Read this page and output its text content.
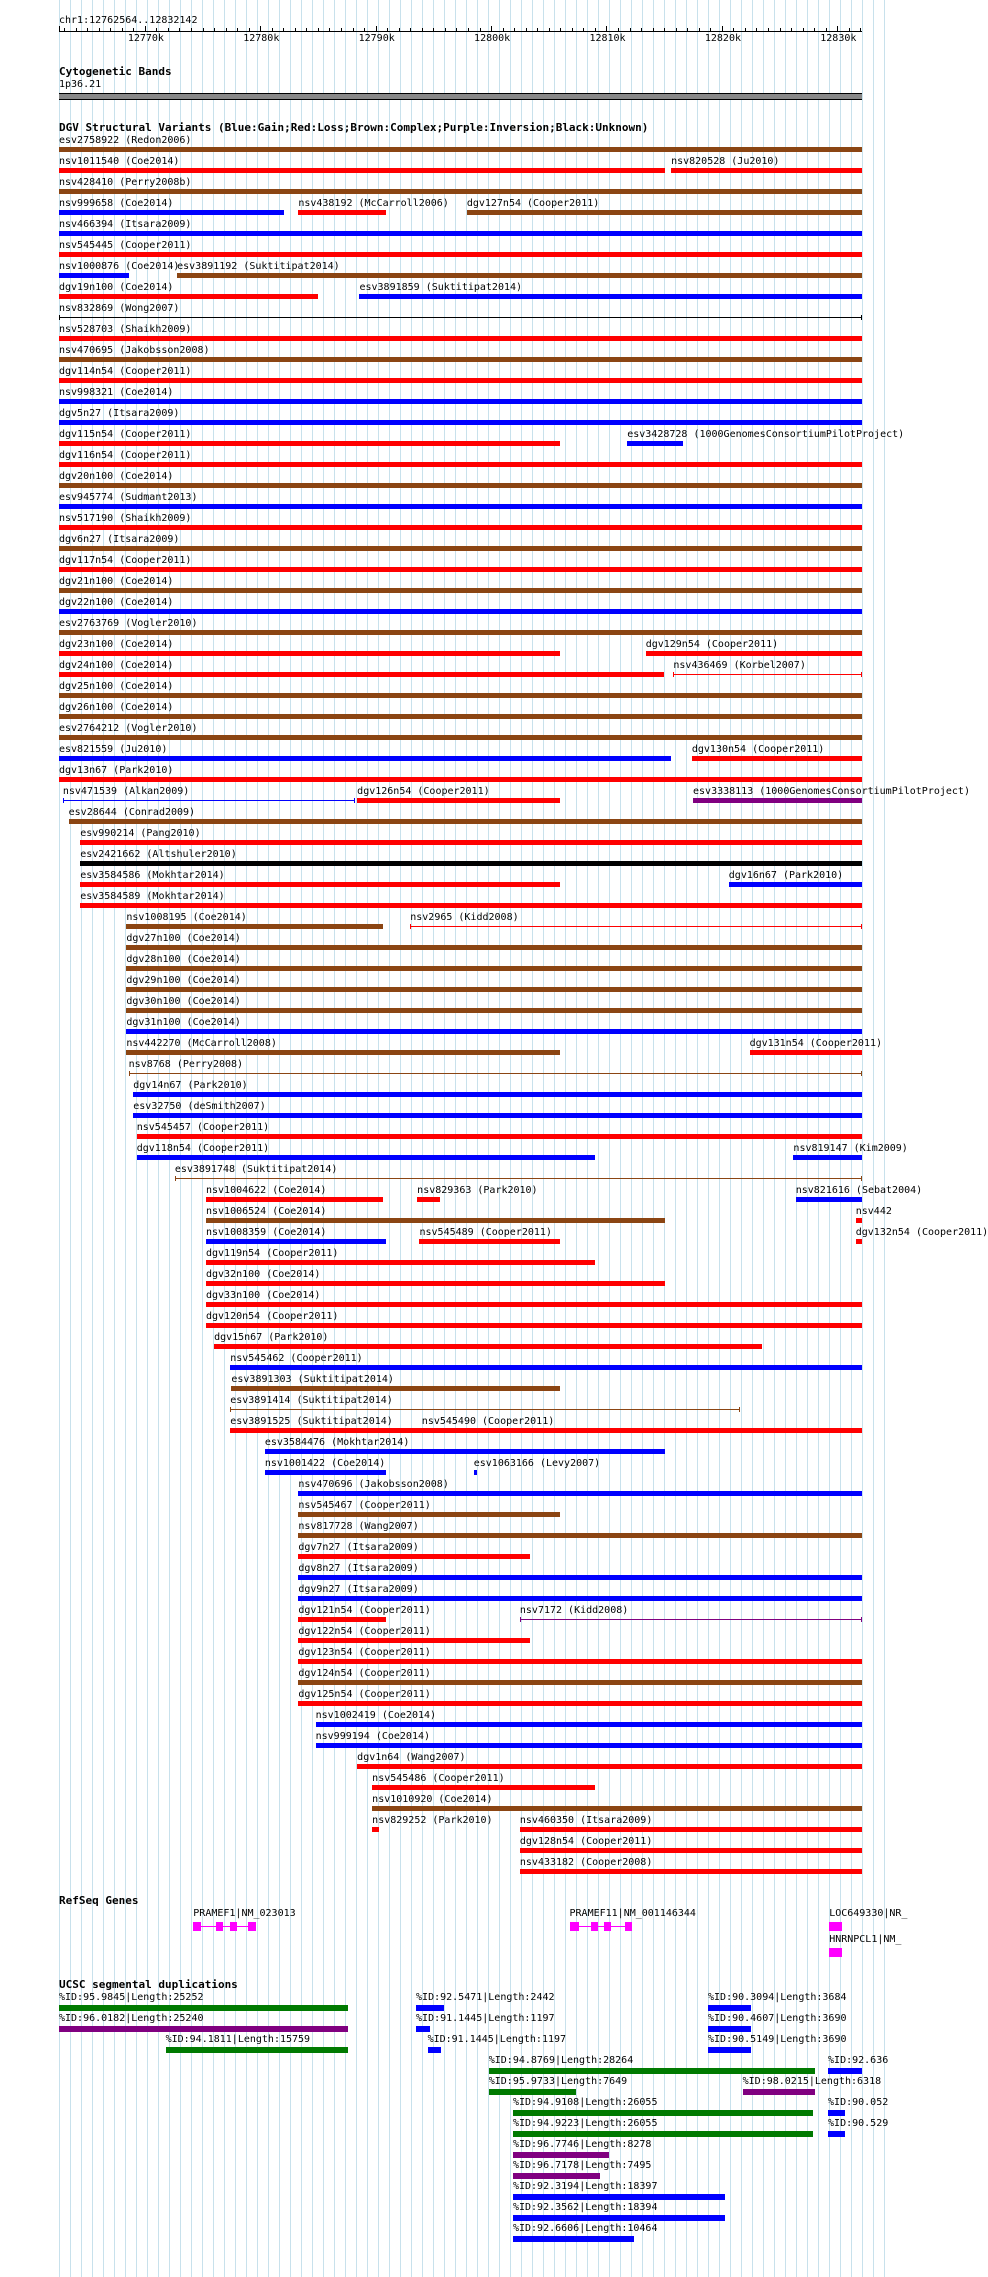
chr1:12762564..12832142
12770k	12780k	12790k	12800k	12810k	12820k	12830k
Cytogenetic Bands
1p36.21
DGV Structural Variants (Blue:Gain;Red:Loss;Brown:Complex;Purple:Inversion;Black:Unknown)
esv2758922 (Redon2006)
nsv1011540 (Coe2014)	nsv820528 (Ju2010)
nsv428410 (Perry2008b)
nsv999658 (Coe2014)	nsv438192 (McCarroll2006) dgv127n54 (Cooper2011)
nsv466394 (Itsara2009)
nsv545445 (Cooper2011)
nsv1000876 (Coe2014)
esv3891192 (Suktitipat2014)
dgv19n100 (Coe2014)	esv3891859 (Suktitipat2014)
nsv832869 (Wong2007)
nsv528703 (Shaikh2009)
nsv470695 (Jakobsson2008)
dgv114n54 (Cooper2011)
nsv998321 (Coe2014)
dgv5n27 (Itsara2009)
dgv115n54 (Cooper2011)	esv3428728 (1000GenomesConsortiumPilotProject)
dgv116n54 (Cooper2011)
dgv20n100 (Coe2014)
esv945774 (Sudmant2013)
nsv517190 (Shaikh2009)
dgv6n27 (Itsara2009)
dgv117n54 (Cooper2011)
dgv21n100 (Coe2014)
dgv22n100 (Coe2014)
esv2763769 (Vogler2010)
dgv23n100 (Coe2014)	dgv129n54 (Cooper2011)
dgv24n100 (Coe2014)	nsv436469 (Korbel2007)
dgv25n100 (Coe2014)
dgv26n100 (Coe2014)
esv2764212 (Vogler2010)
esv821559 (Ju2010)	dgv130n54 (Cooper2011)
dgv13n67 (Park2010)
nsv471539 (Alkan2009)	dgv126n54 (Cooper2011)	esv3338113 (1000GenomesConsortiumPilotProject)
esv28644 (Conrad2009)
esv990214 (Pang2010)
esv2421662 (Altshuler2010)
esv3584586 (Mokhtar2014)	dgv16n67 (Park2010)
esv3584589 (Mokhtar2014)
nsv1008195 (Coe2014)	nsv2965 (Kidd2008)
dgv27n100 (Coe2014)
dgv28n100 (Coe2014)
dgv29n100 (Coe2014)
dgv30n100 (Coe2014)
dgv31n100 (Coe2014)
nsv442270 (McCarroll2008)	dgv131n54 (Cooper2011)
nsv8768 (Perry2008)
dgv14n67 (Park2010)
esv32750 (deSmith2007)
nsv545457 (Cooper2011)
dgv118n54 (Cooper2011)	nsv819147 (Kim2009)
esv3891748 (Suktitipat2014)
nsv1004622 (Coe2014)	nsv829363 (Park2010)	nsv821616 (Sebat2004)
nsv1006524 (Coe2014)	nsv442
nsv1008359 (Coe2014)	nsv545489 (Cooper2011)	dgv132n54 (Cooper2011)
dgv119n54 (Cooper2011)
dgv32n100 (Coe2014)
dgv33n100 (Coe2014)
dgv120n54 (Cooper2011)
dgv15n67 (Park2010)
nsv545462 (Cooper2011)
esv3891303 (Suktitipat2014)
esv3891414 (Suktitipat2014)
esv3891525 (Suktitipat2014)	nsv545490 (Cooper2011)
esv3584476 (Mokhtar2014)
nsv1001422 (Coe2014)	esv1063166 (Levy2007)
nsv470696 (Jakobsson2008)
nsv545467 (Cooper2011)
nsv817728 (Wang2007)
dgv7n27 (Itsara2009)
dgv8n27 (Itsara2009)
dgv9n27 (Itsara2009)
dgv121n54 (Cooper2011)	nsv7172 (Kidd2008)
dgv122n54 (Cooper2011)
dgv123n54 (Cooper2011)
dgv124n54 (Cooper2011)
dgv125n54 (Cooper2011)
nsv1002419 (Coe2014)
nsv999194 (Coe2014)
dgv1n64 (Wang2007)
nsv545486 (Cooper2011)
nsv1010920 (Coe2014)
nsv829252 (Park2010)	nsv460350 (Itsara2009)
dgv128n54 (Cooper2011)
nsv433182 (Cooper2008)
RefSeq Genes
PRAMEF1|NM_023013	PRAMEF11|NM_001146344	LOC649330|NR_
HNRNPCL1|NM_
UCSC segmental duplications
%ID:95.9845|Length:25252	%ID:92.5471|Length:2442	%ID:90.3094|Length:3684
%ID:96.0182|Length:25240	%ID:91.1445|Length:1197	%ID:90.4607|Length:3690
%ID:94.1811|Length:15759	%ID:91.1445|Length:1197	%ID:90.5149|Length:3690
%ID:94.8769|Length:28264	%ID:92.636
%ID:95.9733|Length:7649	%ID:98.0215|Length:6318
%ID:94.9108|Length:26055	%ID:90.052
%ID:94.9223|Length:26055	%ID:90.529
%ID:96.7746|Length:8278
%ID:96.7178|Length:7495
%ID:92.3194|Length:18397
%ID:92.3562|Length:18394
%ID:92.6606|Length:10464
